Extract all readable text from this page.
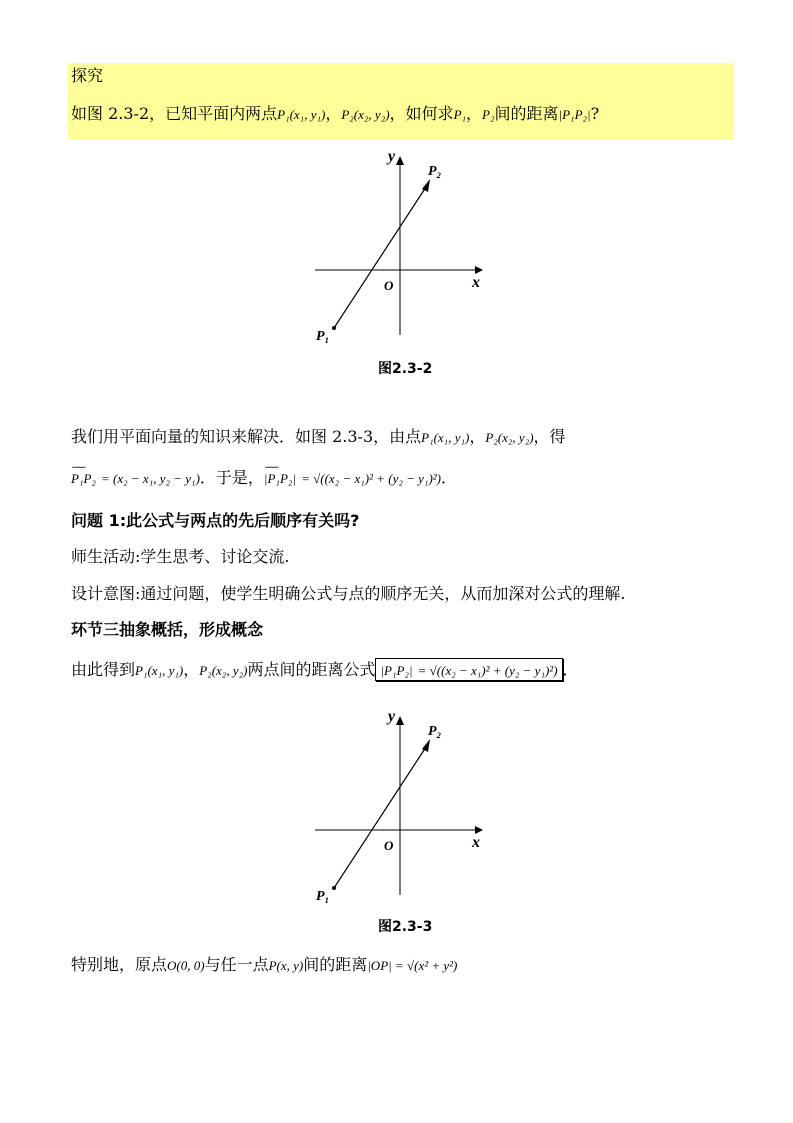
探究
如图 2.3-2，已知平面内两点P₁(x₁, y₁)，P₂(x₂, y₂)，如何求P₁，P₂间的距离|P₁P₂|?
y
x
O
P₂
P₁
图2.3-2
我们用平面向量的知识来解决．如图 2.3-3，由点P₁(x₁, y₁)，P₂(x₂, y₂)，得
⌣⌣⌣⌣ P₁P₂ = (x₂ − x₁, y₂ − y₁)．于是，⌣⌣⌣⌣ |P₁P₂| = √((x₂ − x₁)² + (y₂ − y₁)²)．
问题 1:此公式与两点的先后顺序有关吗?
师生活动:学生思考、讨论交流.
设计意图:通过问题，使学生明确公式与点的顺序无关，从而加深对公式的理解.
环节三抽象概括，形成概念
由此得到P₁(x₁, y₁)，P₂(x₂, y₂)两点间的距离公式 |P₁P₂| = √((x₂ − x₁)² + (y₂ − y₁)²) ．
y
x
O
P₂
P₁
图2.3-3
特别地，原点O(0, 0)与任一点P(x, y)间的距离|OP| = √(x² + y²)
